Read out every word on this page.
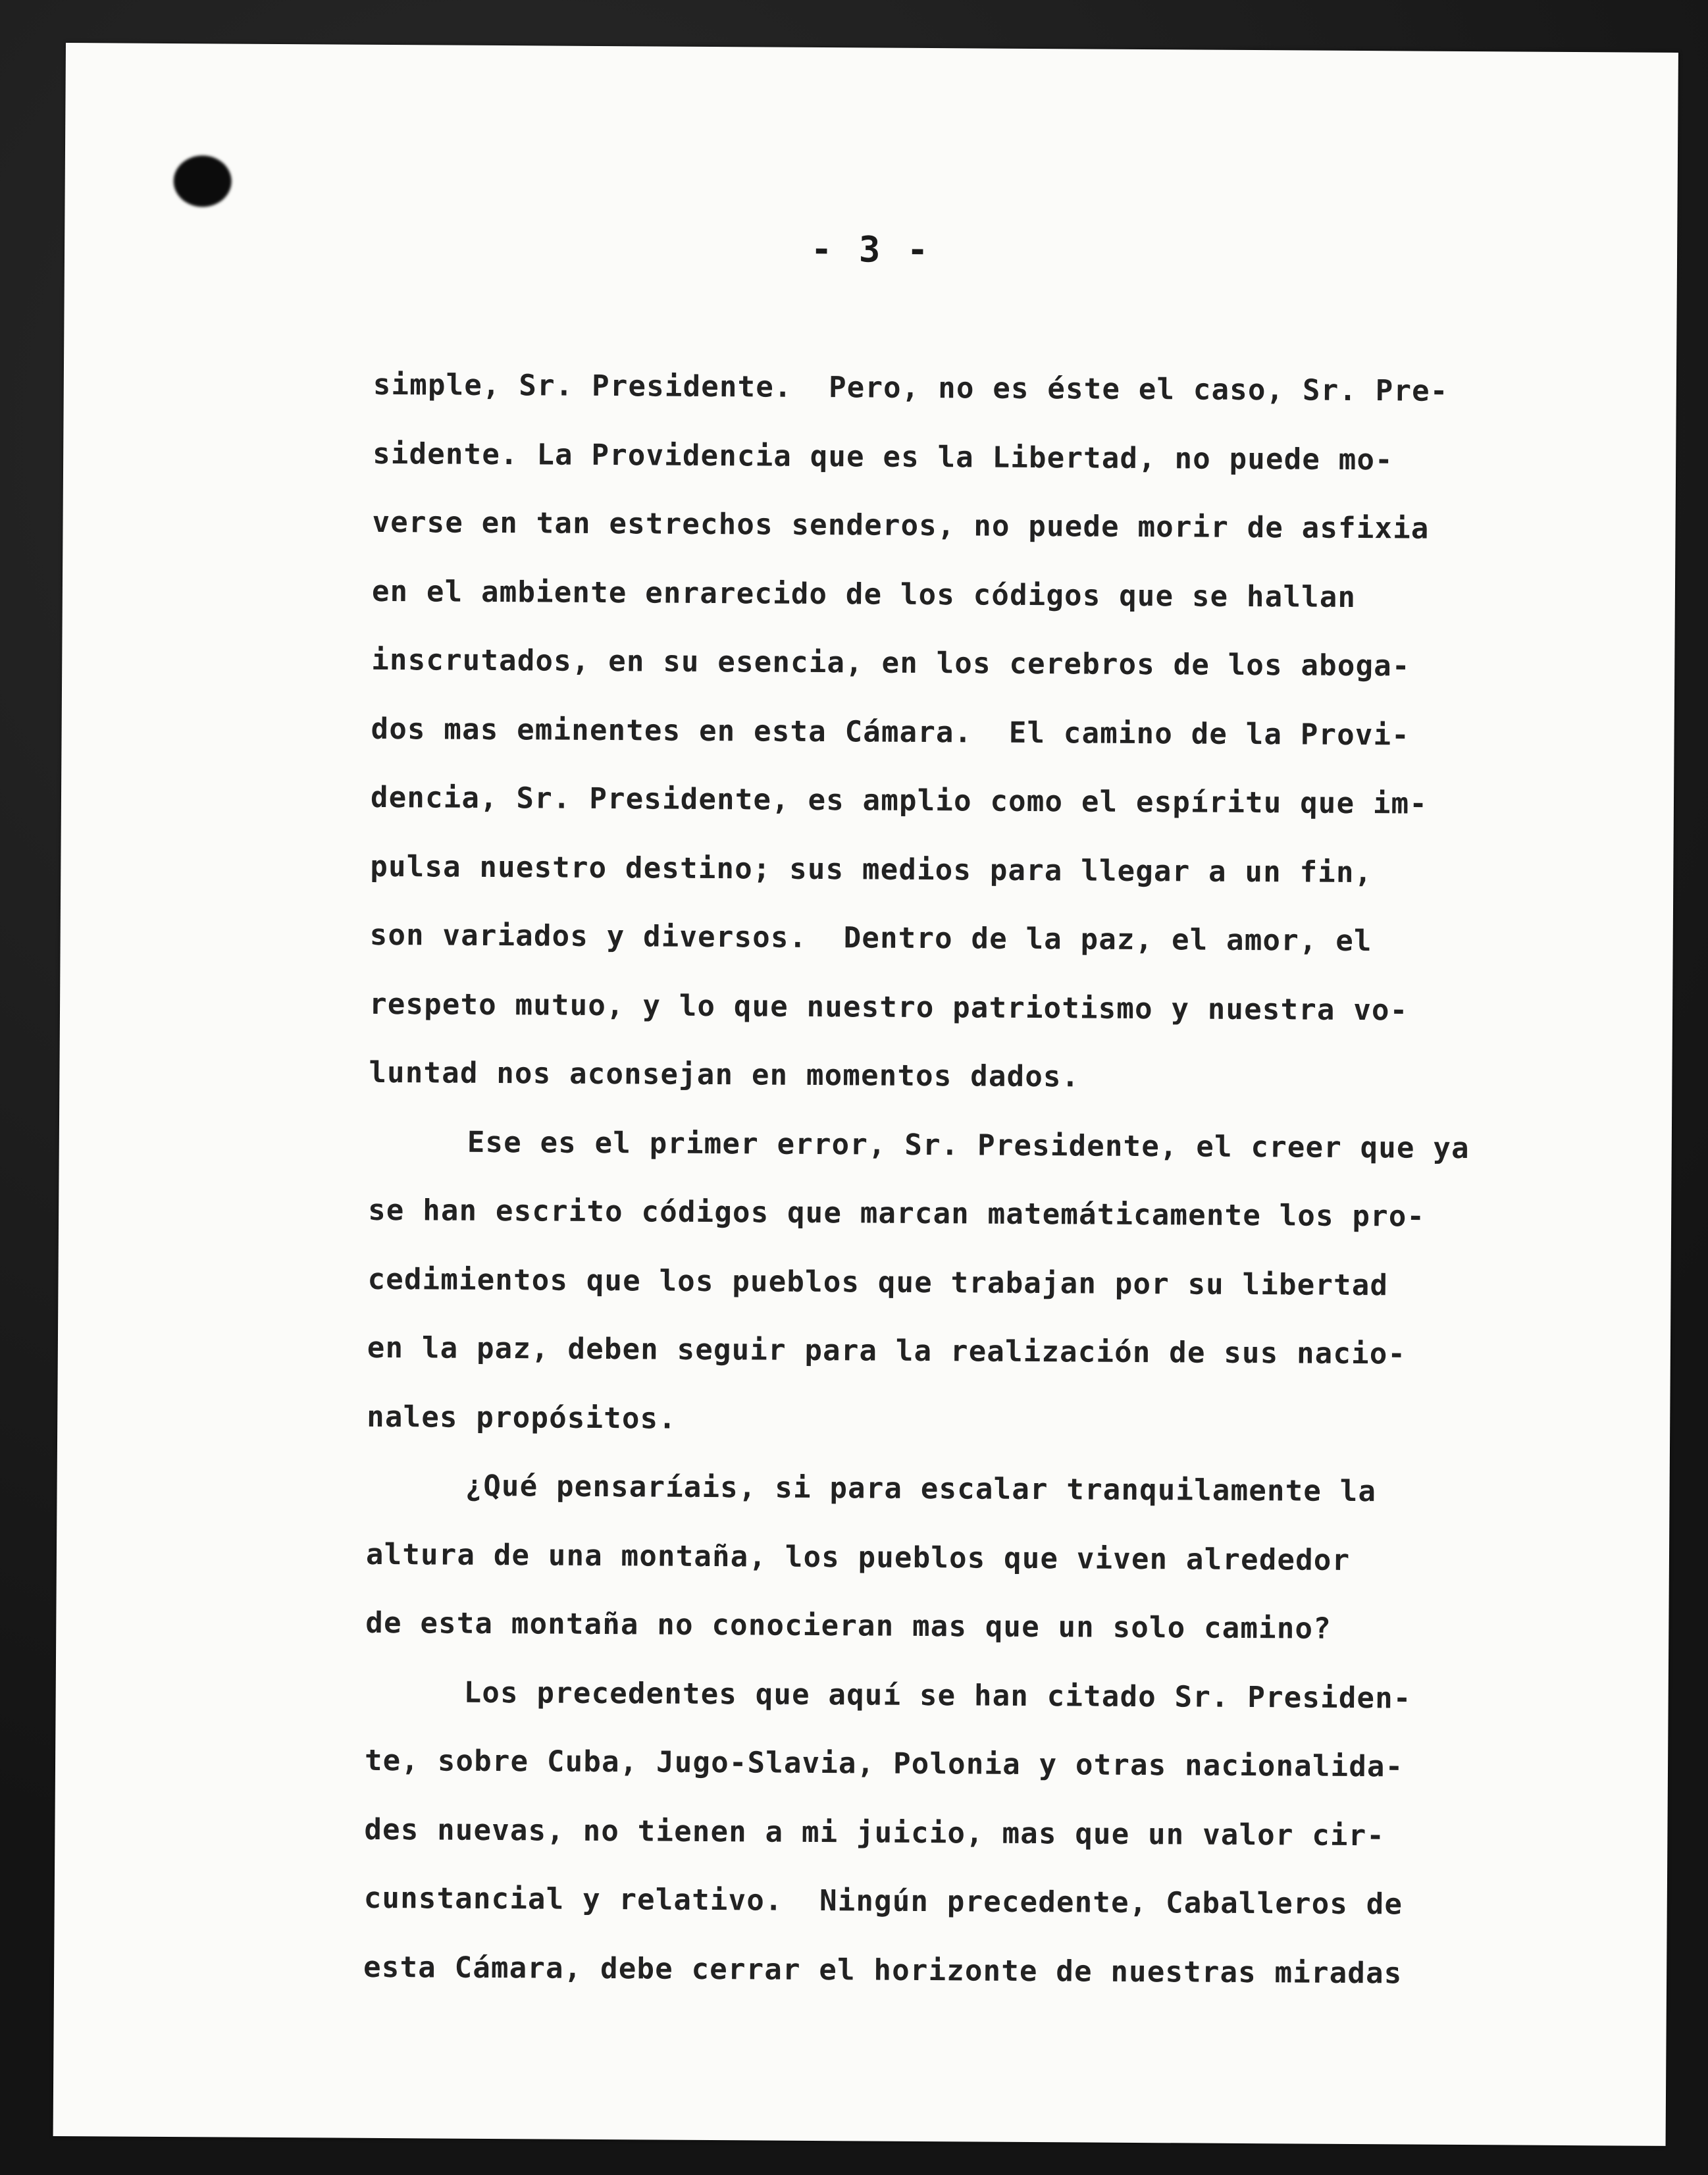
- 3 -
simple, Sr. Presidente.  Pero, no es éste el caso, Sr. Pre-
sidente. La Providencia que es la Libertad, no puede mo-
verse en tan estrechos senderos, no puede morir de asfixia
en el ambiente enrarecido de los códigos que se hallan
inscrutados, en su esencia, en los cerebros de los aboga-
dos mas eminentes en esta Cámara.  El camino de la Provi-
dencia, Sr. Presidente, es amplio como el espíritu que im-
pulsa nuestro destino; sus medios para llegar a un fin,
son variados y diversos.  Dentro de la paz, el amor, el
respeto mutuo, y lo que nuestro patriotismo y nuestra vo-
luntad nos aconsejan en momentos dados.
Ese es el primer error, Sr. Presidente, el creer que ya
se han escrito códigos que marcan matemáticamente los pro-
cedimientos que los pueblos que trabajan por su libertad
en la paz, deben seguir para la realización de sus nacio-
nales propósitos.
¿Qué pensaríais, si para escalar tranquilamente la
altura de una montaña, los pueblos que viven alrededor
de esta montaña no conocieran mas que un solo camino?
Los precedentes que aquí se han citado Sr. Presiden-
te, sobre Cuba, Jugo-Slavia, Polonia y otras nacionalida-
des nuevas, no tienen a mi juicio, mas que un valor cir-
cunstancial y relativo.  Ningún precedente, Caballeros de
esta Cámara, debe cerrar el horizonte de nuestras miradas
